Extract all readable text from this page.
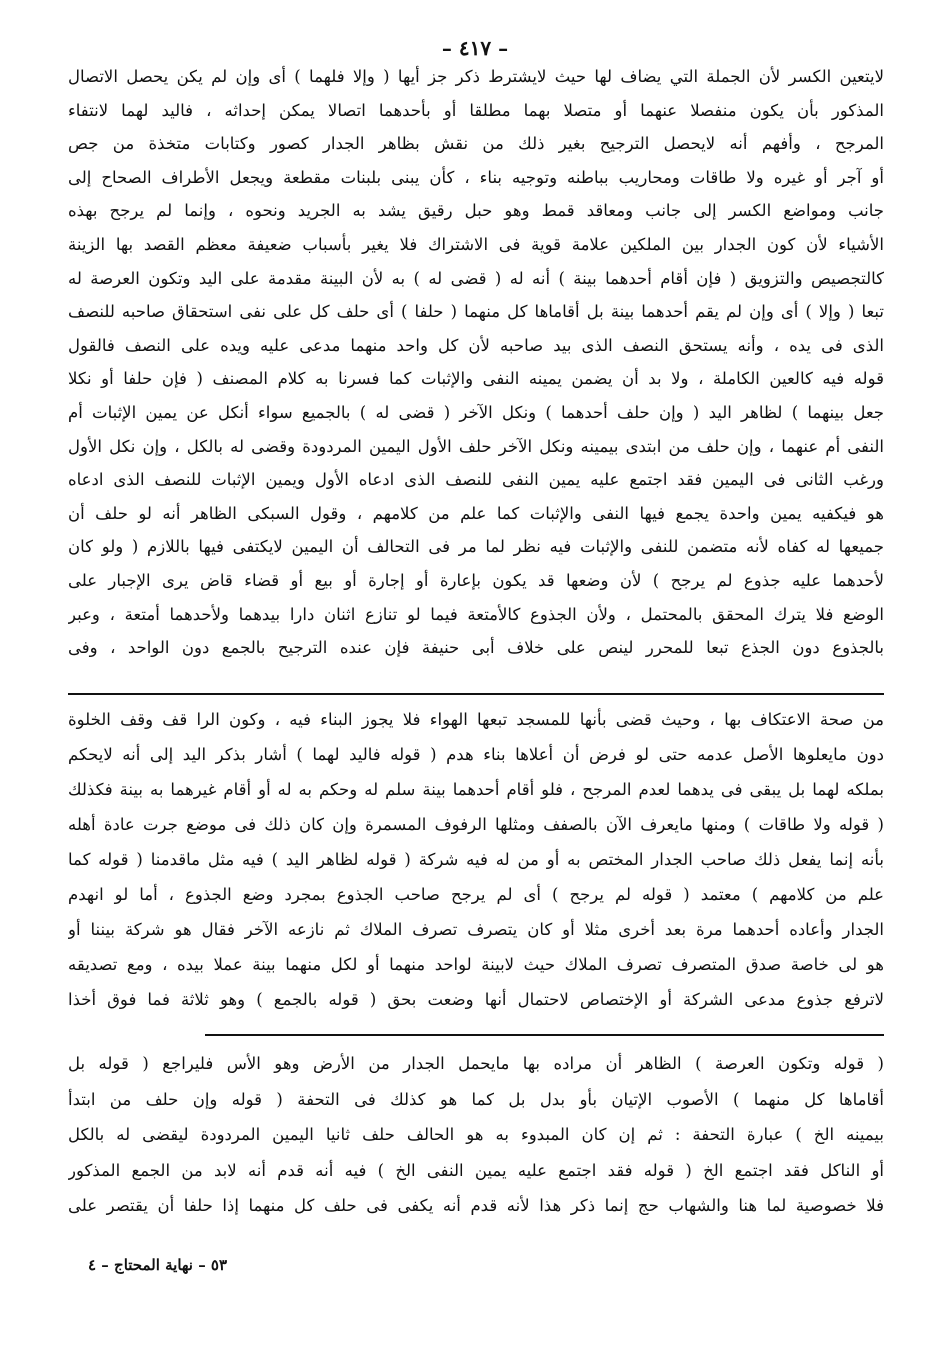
– ٤١٧ –
لايتعين الكسر لأن الجملة التي يضاف لها حيث لايشترط ذكر جز أيها ( وإلا فلهما ) أى وإن لم يكن يحصل الاتصال
المذكور بأن يكون منفصلا عنهما أو متصلا بهما مطلقا أو بأحدهما اتصالا يمكن إحداثه ، فاليد لهما لانتفاء
المرجح ، وأفهم أنه لايحصل الترجيح بغير ذلك من نقش بظاهر الجدار كصور وكتابات متخذة من جص
أو آجر أو غيره ولا طاقات ومحاريب بباطنه وتوجيه بناء ، كأن يبنى بلبنات مقطعة ويجعل الأطراف الصحاح إلى
جانب ومواضع الكسر إلى جانب ومعاقد قمط وهو حبل رقيق يشد به الجريد ونحوه ، وإنما لم يرجح بهذه
الأشياء لأن كون الجدار بين الملكين علامة قوية فى الاشتراك فلا يغير بأسباب ضعيفة معظم القصد بها الزينة
كالتجصيص والتزويق ( فإن أقام أحدهما بينة ) أنه له ( قضى له ) به لأن البينة مقدمة على اليد وتكون العرصة له
تبعا ( وإلا ) أى وإن لم يقم أحدهما بينة بل أقاماها كل منهما ( حلفا ) أى حلف كل على نفى استحقاق صاحبه للنصف
الذى فى يده ، وأنه يستحق النصف الذى بيد صاحبه لأن كل واحد منهما مدعى عليه ويده على النصف فالقول
قوله فيه كالعين الكاملة ، ولا بد أن يضمن يمينه النفى والإثبات كما فسرنا به كلام المصنف ( فإن حلفا أو نكلا
جعل بينهما ) لظاهر اليد ( وإن حلف أحدهما ) ونكل الآخر ( قضى له ) بالجميع سواء أنكل عن يمين الإثبات أم
النفى أم عنهما ، وإن حلف من ابتدى بيمينه ونكل الآخر حلف الأول اليمين المردودة وقضى له بالكل ، وإن نكل الأول
ورغب الثانى فى اليمين فقد اجتمع عليه يمين النفى للنصف الذى ادعاه الأول ويمين الإثبات للنصف الذى ادعاه
هو فيكفيه يمين واحدة يجمع فيها النفى والإثبات كما علم من كلامهم ، وقول السبكى الظاهر أنه لو حلف أن
جميعها له كفاه لأنه متضمن للنفى والإثبات فيه نظر لما مر فى التحالف أن اليمين لايكتفى فيها باللازم ( ولو كان
لأحدهما عليه جذوع لم يرجح ) لأن وضعها قد يكون بإعارة أو إجارة أو بيع أو قضاء قاض يرى الإجبار على
الوضع فلا يترك المحقق بالمحتمل ، ولأن الجذوع كالأمتعة فيما لو تنازع اثنان دارا بيدهما ولأحدهما أمتعة ، وعبر
بالجذوع دون الجذع تبعا للمحرر لينص على خلاف أبى حنيفة فإن عنده الترجيح بالجمع دون الواحد ، وفى
من صحة الاعتكاف بها ، وحيث قضى بأنها للمسجد تبعها الهواء فلا يجوز البناء فيه ، وكون الرا قف وقف الخلوة
دون مايعلوها الأصل عدمه حتى لو فرض أن أعلاها بناء هدم ( قوله فاليد لهما ) أشار بذكر اليد إلى أنه لايحكم
بملكه لهما بل يبقى فى يدهما لعدم المرجح ، فلو أقام أحدهما بينة سلم له وحكم به له أو أقام غيرهما به بينة فكذلك
( قوله ولا طاقات ) ومنها مايعرف الآن بالصفف ومثلها الرفوف المسمرة وإن كان ذلك فى موضع جرت عادة أهله
بأنه إنما يفعل ذلك صاحب الجدار المختص به أو من له فيه شركة ( قوله لظاهر اليد ) فيه مثل ماقدمنا ( قوله كما
علم من كلامهم ) معتمد ( قوله لم يرجح ) أى لم يرجح صاحب الجذوع بمجرد وضع الجذوع ، أما لو انهدم
الجدار وأعاده أحدهما مرة بعد أخرى مثلا أو كان يتصرف تصرف الملاك ثم نازعه الآخر فقال هو شركة بيننا أو
هو لى خاصة صدق المتصرف تصرف الملاك حيث لابينة لواحد منهما أو لكل منهما بينة عملا بيده ، ومع تصديقه
لاترفع جذوع مدعى الشركة أو الإختصاص لاحتمال أنها وضعت بحق ( قوله بالجمع ) وهو ثلاثة فما فوق أخذا
( قوله وتكون العرصة ) الظاهر أن مراده بها مايحمل الجدار من الأرض وهو الأس فليراجع ( قوله بل
أقاماها كل منهما ) الأصوب الإتيان بأو بدل بل كما هو كذلك فى التحفة ( قوله وإن حلف من ابتدأ
بيمينه الخ ) عبارة التحفة : ثم إن كان المبدوء به هو الحالف حلف ثانيا اليمين المردودة ليقضى له بالكل
أو الناكل فقد اجتمع الخ ( قوله فقد اجتمع عليه يمين النفى الخ ) فيه أنه قدم أنه لابد من الجمع المذكور
فلا خصوصية لما هنا والشهاب حج إنما ذكر هذا لأنه قدم أنه يكفى فى حلف كل منهما إذا حلفا أن يقتصر على
٥٣ – نهاية المحتاج – ٤
